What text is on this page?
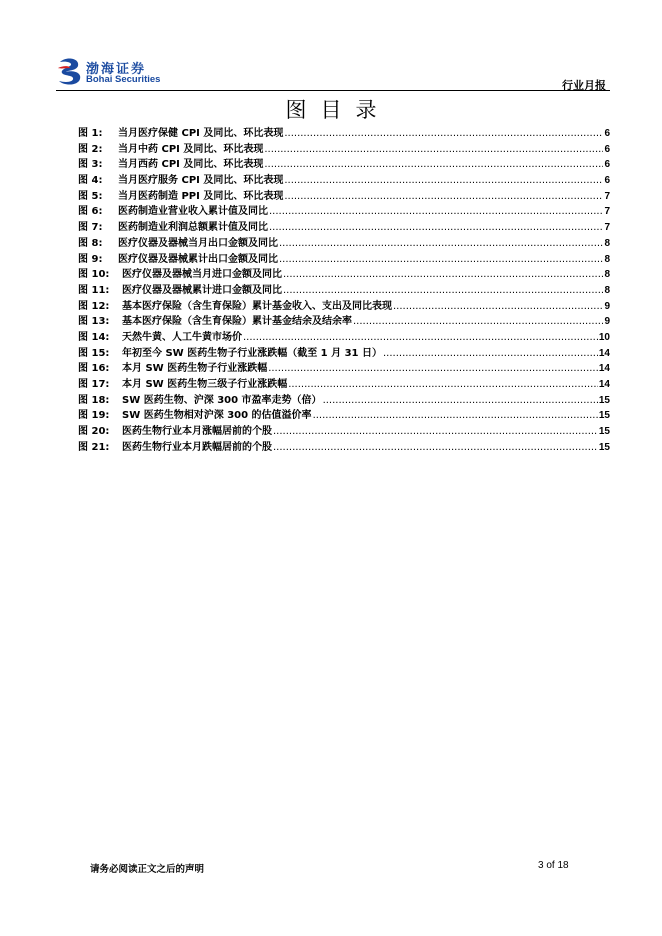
渤海证券
Bohai Securities	行业月报
图目录
图 1:	当月医疗保健 CPI 及同比、环比表现 .....	6
图 2:	当月中药 CPI 及同比、环比表现 .....	6
图 3:	当月西药 CPI 及同比、环比表现 .....	6
图 4:	当月医疗服务 CPI 及同比、环比表现 .....	6
图 5:	当月医药制造 PPI 及同比、环比表现 .....	7
图 6:	医药制造业营业收入累计值及同比 .....	7
图 7:	医药制造业利润总额累计值及同比 .....	7
图 8:	医疗仪器及器械当月出口金额及同比 .....	8
图 9:	医疗仪器及器械累计出口金额及同比 .....	8
图 10:	医疗仪器及器械当月进口金额及同比 .....	8
图 11:	医疗仪器及器械累计进口金额及同比 .....	8
图 12:	基本医疗保险（含生育保险）累计基金收入、支出及同比表现 .....	9
图 13:	基本医疗保险（含生育保险）累计基金结余及结余率 .....	9
图 14:	天然牛黄、人工牛黄市场价 .....	10
图 15:	年初至今 SW 医药生物子行业涨跌幅（截至 1 月 31 日） .....	14
图 16:	本月 SW 医药生物子行业涨跌幅 .....	14
图 17:	本月 SW 医药生物三级子行业涨跌幅 .....	14
图 18:	SW 医药生物、沪深 300 市盈率走势（倍） .....	15
图 19:	SW 医药生物相对沪深 300 的估值溢价率 .....	15
图 20:	医药生物行业本月涨幅居前的个股 .....	15
图 21:	医药生物行业本月跌幅居前的个股 .....	15
请务必阅读正文之后的声明	3 of 18
